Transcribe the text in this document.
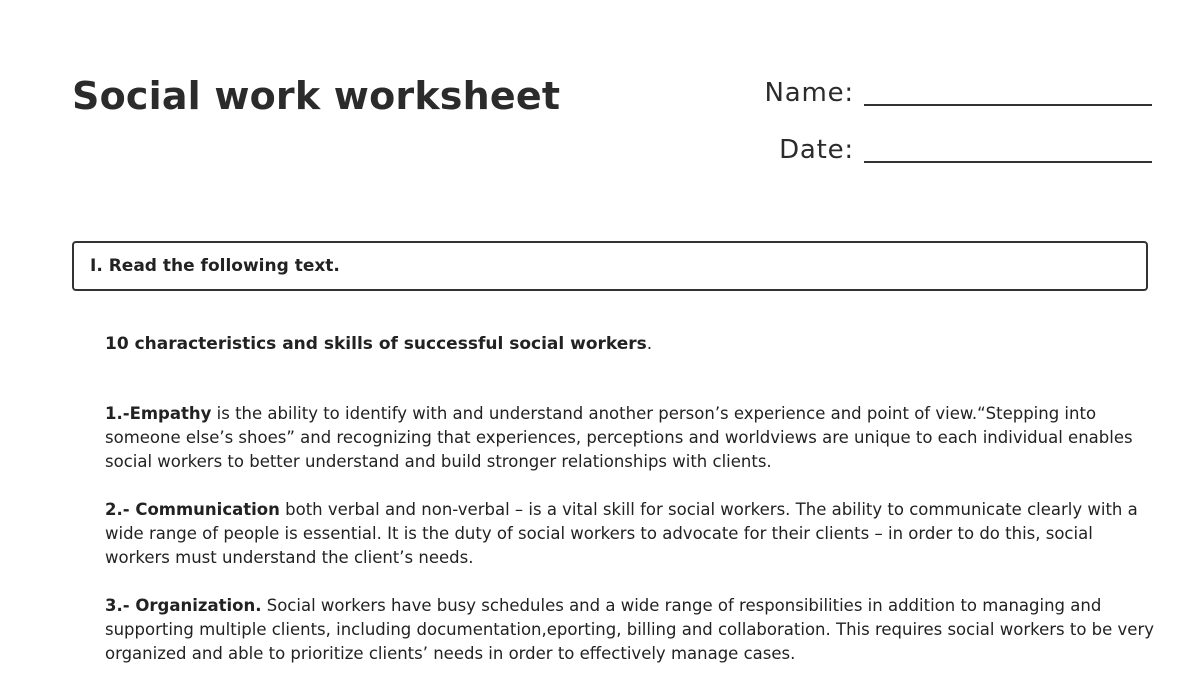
Social work worksheet	Name:
Date:
I. Read the following text.

10 characteristics and skills of successful social workers.

1.-Empathy is the ability to identify with and understand another person’s experience and point of view.“Stepping into someone else’s shoes” and recognizing that experiences, perceptions and worldviews are unique to each individual enables social workers to better understand and build stronger relationships with clients.

2.- Communication both verbal and non-verbal – is a vital skill for social workers. The ability to communicate clearly with a wide range of people is essential. It is the duty of social workers to advocate for their clients – in order to do this, social workers must understand the client’s needs.

3.- Organization. Social workers have busy schedules and a wide range of responsibilities in addition to managing and supporting multiple clients, including documentation,eporting, billing and collaboration. This requires social workers to be very organized and able to prioritize clients’ needs in order to effectively manage cases.
